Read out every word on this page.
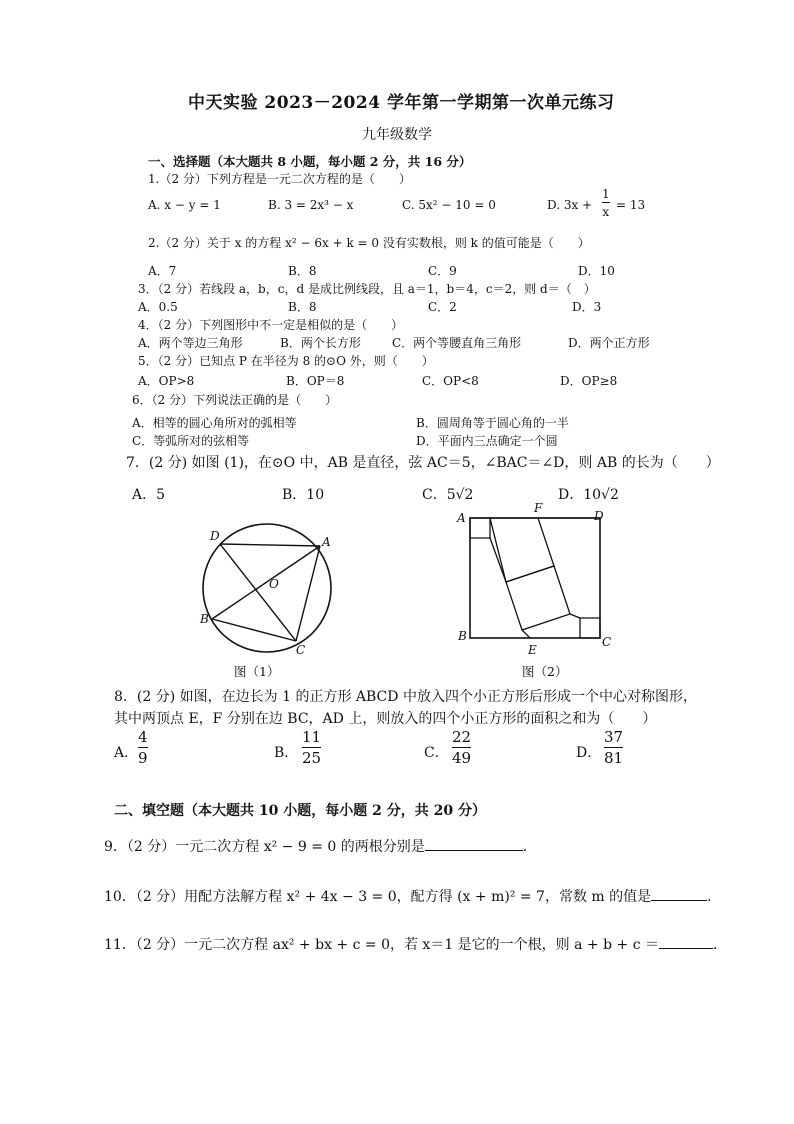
中天实验 2023－2024 学年第一学期第一次单元练习
九年级数学
一、选择题（本大题共 8 小题，每小题 2 分，共 16 分）
1.（2 分）下列方程是一元二次方程的是（　　）
A. x − y = 1	B. 3 = 2x³ − x	C. 5x² − 10 = 0	D. $3x + \frac{1}{x} = 13$
2.（2 分）关于 x 的方程 x² − 6x + k = 0 没有实数根，则 k 的值可能是（　　）
A．7	B．8	C．9	D．10
3．（2 分）若线段 a，b，c，d 是成比例线段，且 a＝1，b＝4，c＝2，则 d＝（　）
A．0.5	B．8	C．2	D．3
4．（2 分）下列图形中不一定是相似的是（　　）
A．两个等边三角形	B．两个长方形	C．两个等腰直角三角形	D．两个正方形
5．（2 分）已知点 P 在半径为 8 的⊙O 外，则（　　）
A．OP>8	B．OP＝8	C．OP<8	D．OP≥8
6．（2 分）下列说法正确的是（　　）
A．相等的圆心角所对的弧相等	B．圆周角等于圆心角的一半
C．等弧所对的弦相等	D．平面内三点确定一个圆
7．(2 分) 如图 (1)，在⊙O 中，AB 是直径，弦 AC＝5，∠BAC＝∠D，则 AB 的长为（　　）
A．5	B．10	C．5√2	D．10√2
D	A
O
B
C
图（1）
A
F
D
B
E
C
图（2）
8．(2 分) 如图，在边长为 1 的正方形 ABCD 中放入四个小正方形后形成一个中心对称图形，
其中两顶点 E，F 分别在边 BC，AD 上，则放入的四个小正方形的面积之和为（　　）
A． $\frac{4}{9}$	B． $\frac{11}{25}$	C． $\frac{22}{49}$	D． $\frac{37}{81}$
二、填空题（本大题共 10 小题，每小题 2 分，共 20 分）
9．（2 分）一元二次方程 x² − 9 = 0 的两根分别是	.
10．（2 分）用配方法解方程 x² + 4x − 3 = 0，配方得 (x + m)² = 7，常数 m 的值是	.
11．（2 分）一元二次方程 ax² + bx + c = 0，若 x＝1 是它的一个根，则 a + b + c ＝	.
